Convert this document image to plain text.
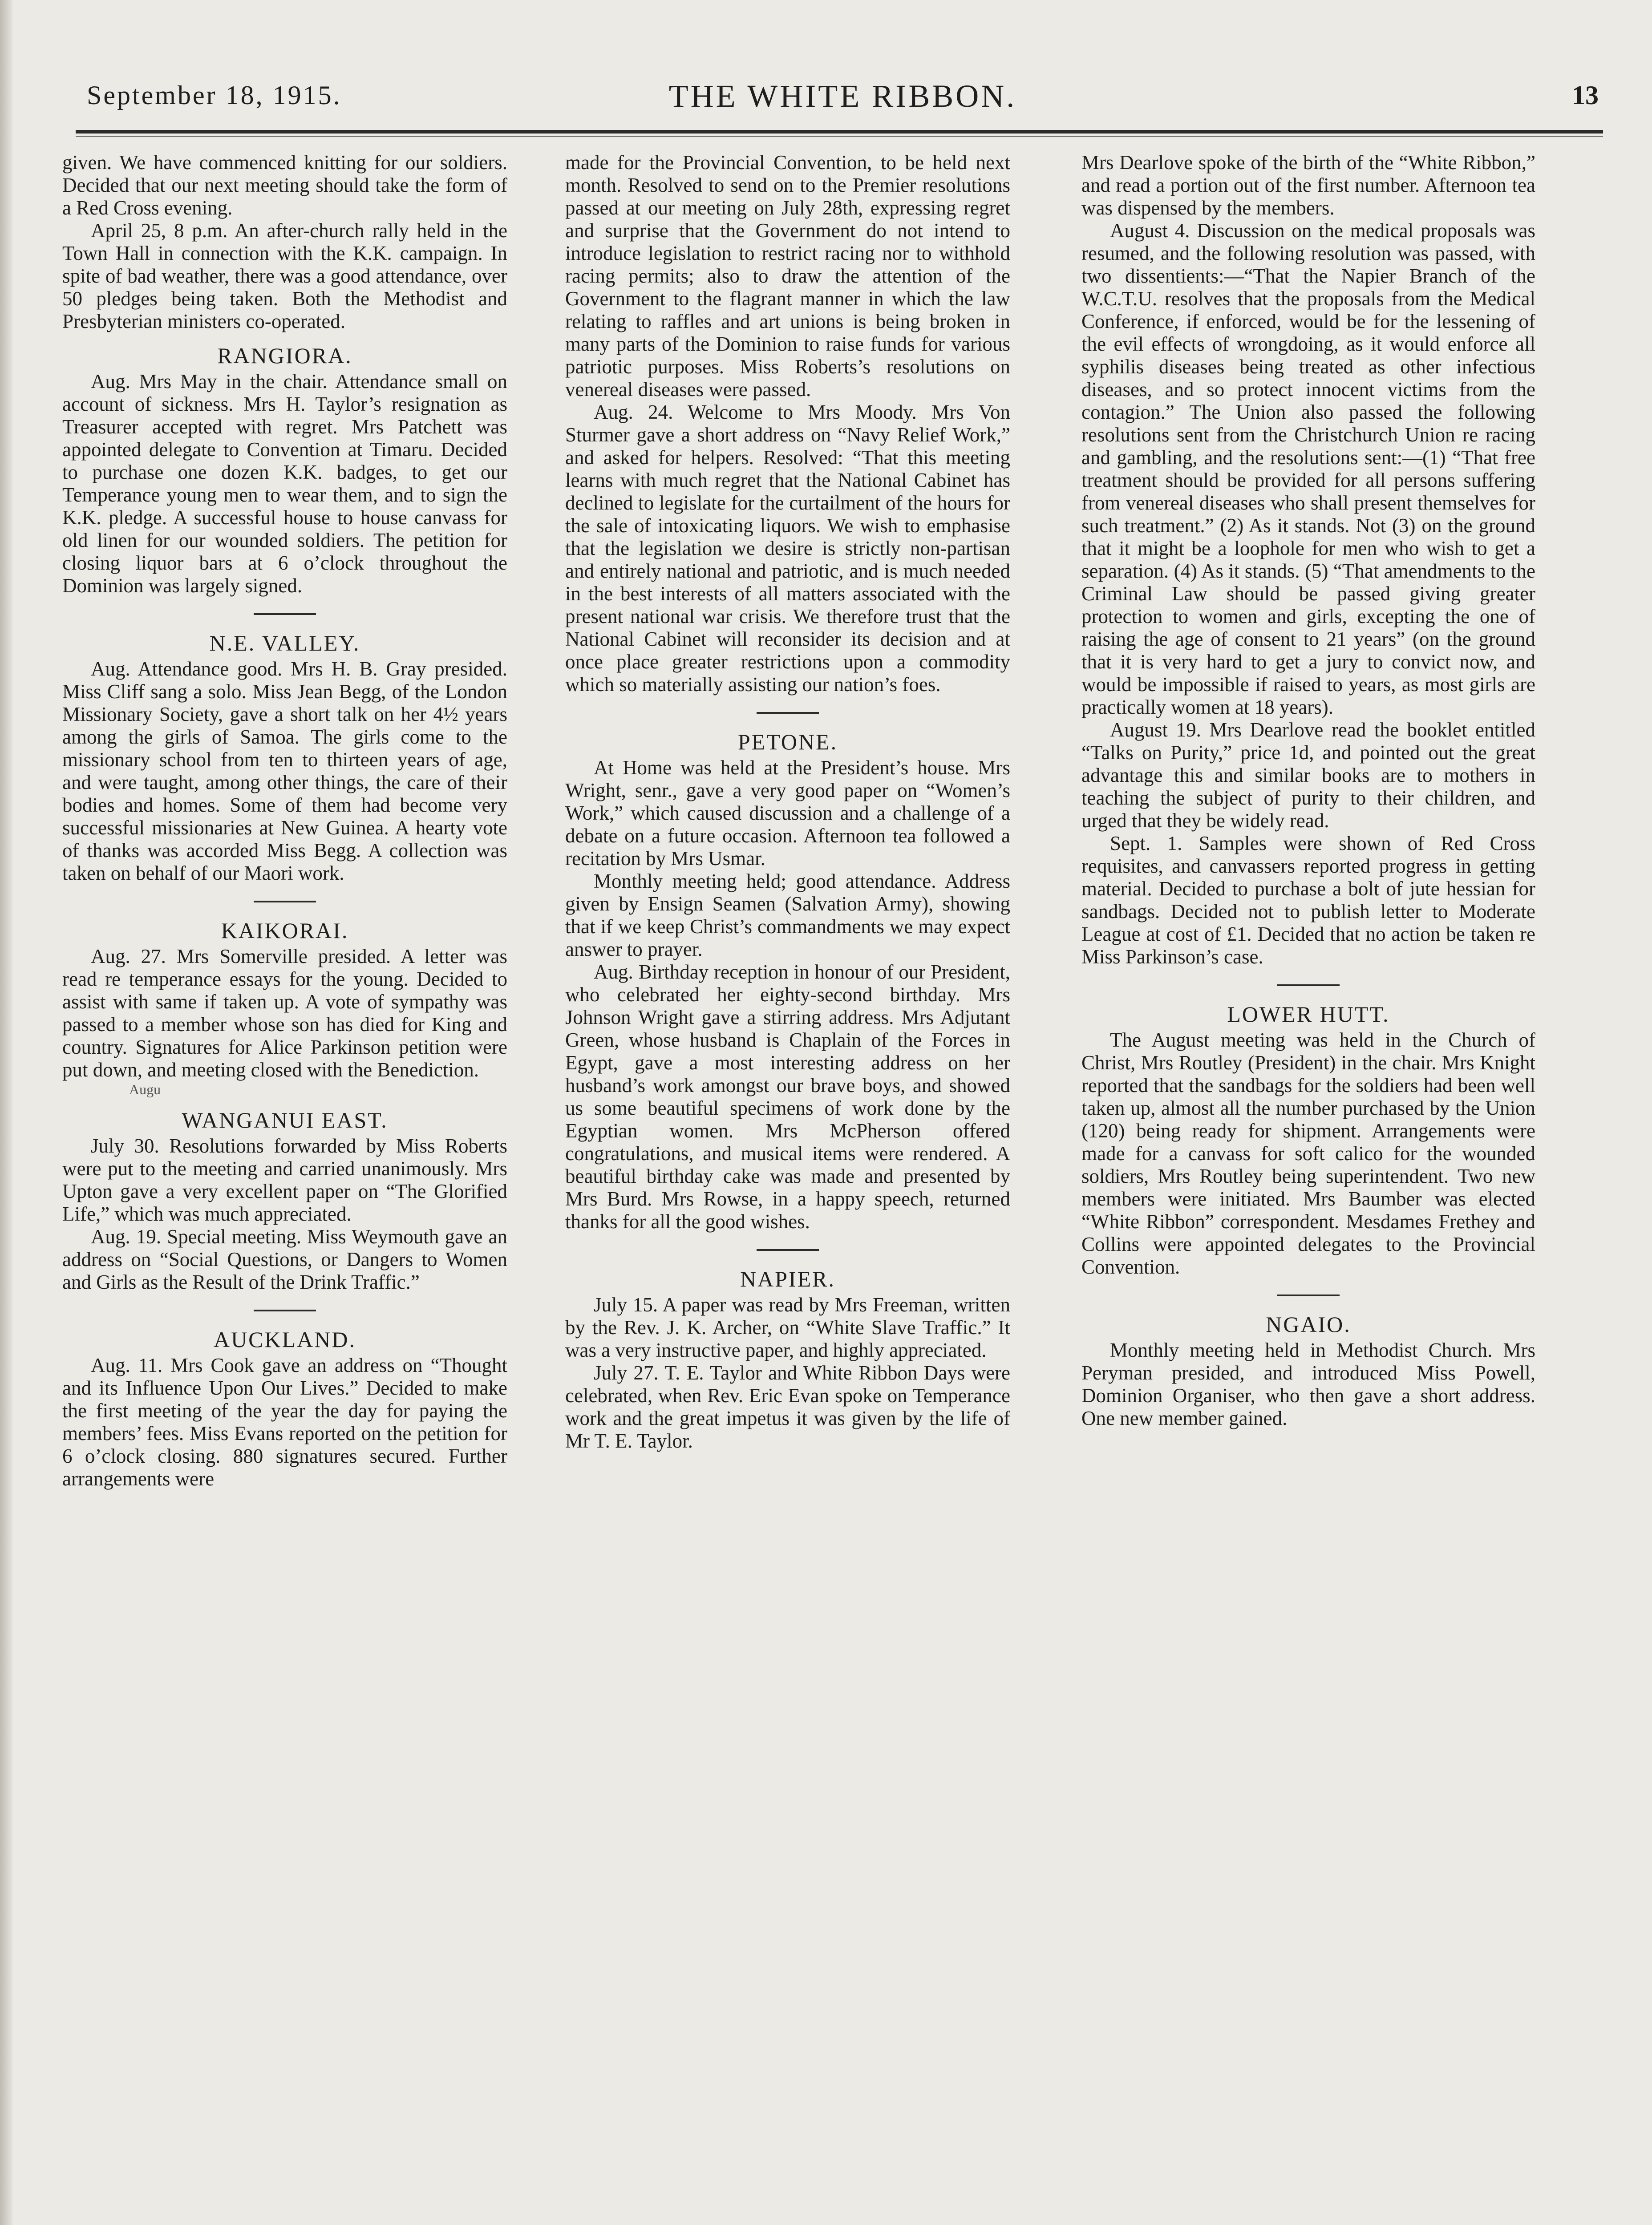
September 18, 1915.	THE WHITE RIBBON.	13

given. We have commenced knitting for our soldiers. Decided that our next meeting should take the form of a Red Cross evening.

April 25, 8 p.m. An after-church rally held in the Town Hall in connection with the K.K. campaign. In spite of bad weather, there was a good attendance, over 50 pledges being taken. Both the Methodist and Presbyterian ministers co-operated.

RANGIORA.

Aug. Mrs May in the chair. Attendance small on account of sickness. Mrs H. Taylor’s resignation as Treasurer accepted with regret. Mrs Patchett was appointed delegate to Convention at Timaru. Decided to purchase one dozen K.K. badges, to get our Temperance young men to wear them, and to sign the K.K. pledge. A successful house to house canvass for old linen for our wounded soldiers. The petition for closing liquor bars at 6 o’clock throughout the Dominion was largely signed.

N.E. VALLEY.

Aug. Attendance good. Mrs H. B. Gray presided. Miss Cliff sang a solo. Miss Jean Begg, of the London Missionary Society, gave a short talk on her 4½ years among the girls of Samoa. The girls come to the missionary school from ten to thirteen years of age, and were taught, among other things, the care of their bodies and homes. Some of them had become very successful missionaries at New Guinea. A hearty vote of thanks was accorded Miss Begg. A collection was taken on behalf of our Maori work.

KAIKORAI.

Aug. 27. Mrs Somerville presided. A letter was read re temperance essays for the young. Decided to assist with same if taken up. A vote of sympathy was passed to a member whose son has died for King and country. Signatures for Alice Parkinson petition were put down, and meeting closed with the Benediction.

Augu
WANGANUI EAST.

July 30. Resolutions forwarded by Miss Roberts were put to the meeting and carried unanimously. Mrs Upton gave a very excellent paper on “The Glorified Life,” which was much appreciated.

Aug. 19. Special meeting. Miss Weymouth gave an address on “Social Questions, or Dangers to Women and Girls as the Result of the Drink Traffic.”

AUCKLAND.

Aug. 11. Mrs Cook gave an address on “Thought and its Influence Upon Our Lives.” Decided to make the first meeting of the year the day for paying the members’ fees. Miss Evans reported on the petition for 6 o’clock closing. 880 signatures secured. Further arrangements were

made for the Provincial Convention, to be held next month. Resolved to send on to the Premier resolutions passed at our meeting on July 28th, expressing regret and surprise that the Government do not intend to introduce legislation to restrict racing nor to withhold racing permits; also to draw the attention of the Government to the flagrant manner in which the law relating to raffles and art unions is being broken in many parts of the Dominion to raise funds for various patriotic purposes. Miss Roberts’s resolutions on venereal diseases were passed.

Aug. 24. Welcome to Mrs Moody. Mrs Von Sturmer gave a short address on “Navy Relief Work,” and asked for helpers. Resolved: “That this meeting learns with much regret that the National Cabinet has declined to legislate for the curtailment of the hours for the sale of intoxicating liquors. We wish to emphasise that the legislation we desire is strictly non-partisan and entirely national and patriotic, and is much needed in the best interests of all matters associated with the present national war crisis. We therefore trust that the National Cabinet will reconsider its decision and at once place greater restrictions upon a commodity which so materially assisting our nation’s foes.

PETONE.

At Home was held at the President’s house. Mrs Wright, senr., gave a very good paper on “Women’s Work,” which caused discussion and a challenge of a debate on a future occasion. Afternoon tea followed a recitation by Mrs Usmar.

Monthly meeting held; good attendance. Address given by Ensign Seamen (Salvation Army), showing that if we keep Christ’s commandments we may expect answer to prayer.

Aug. Birthday reception in honour of our President, who celebrated her eighty-second birthday. Mrs Johnson Wright gave a stirring address. Mrs Adjutant Green, whose husband is Chaplain of the Forces in Egypt, gave a most interesting address on her husband’s work amongst our brave boys, and showed us some beautiful specimens of work done by the Egyptian women. Mrs McPherson offered congratulations, and musical items were rendered. A beautiful birthday cake was made and presented by Mrs Burd. Mrs Rowse, in a happy speech, returned thanks for all the good wishes.

NAPIER.

July 15. A paper was read by Mrs Freeman, written by the Rev. J. K. Archer, on “White Slave Traffic.” It was a very instructive paper, and highly appreciated.

July 27. T. E. Taylor and White Ribbon Days were celebrated, when Rev. Eric Evan spoke on Temperance work and the great impetus it was given by the life of Mr T. E. Taylor.

Mrs Dearlove spoke of the birth of the “White Ribbon,” and read a portion out of the first number. Afternoon tea was dispensed by the members.

August 4. Discussion on the medical proposals was resumed, and the following resolution was passed, with two dissentients:—“That the Napier Branch of the W.C.T.U. resolves that the proposals from the Medical Conference, if enforced, would be for the lessening of the evil effects of wrongdoing, as it would enforce all syphilis diseases being treated as other infectious diseases, and so protect innocent victims from the contagion.” The Union also passed the following resolutions sent from the Christchurch Union re racing and gambling, and the resolutions sent:—(1) “That free treatment should be provided for all persons suffering from venereal diseases who shall present themselves for such treatment.” (2) As it stands. Not (3) on the ground that it might be a loophole for men who wish to get a separation. (4) As it stands. (5) “That amendments to the Criminal Law should be passed giving greater protection to women and girls, excepting the one of raising the age of consent to 21 years” (on the ground that it is very hard to get a jury to convict now, and would be impossible if raised to years, as most girls are practically women at 18 years).

August 19. Mrs Dearlove read the booklet entitled “Talks on Purity,” price 1d, and pointed out the great advantage this and similar books are to mothers in teaching the subject of purity to their children, and urged that they be widely read.

Sept. 1. Samples were shown of Red Cross requisites, and canvassers reported progress in getting material. Decided to purchase a bolt of jute hessian for sandbags. Decided not to publish letter to Moderate League at cost of £1. Decided that no action be taken re Miss Parkinson’s case.

LOWER HUTT.

The August meeting was held in the Church of Christ, Mrs Routley (President) in the chair. Mrs Knight reported that the sandbags for the soldiers had been well taken up, almost all the number purchased by the Union (120) being ready for shipment. Arrangements were made for a canvass for soft calico for the wounded soldiers, Mrs Routley being superintendent. Two new members were initiated. Mrs Baumber was elected “White Ribbon” correspondent. Mesdames Frethey and Collins were appointed delegates to the Provincial Convention.

NGAIO.

Monthly meeting held in Methodist Church. Mrs Peryman presided, and introduced Miss Powell, Dominion Organiser, who then gave a short address. One new member gained.
